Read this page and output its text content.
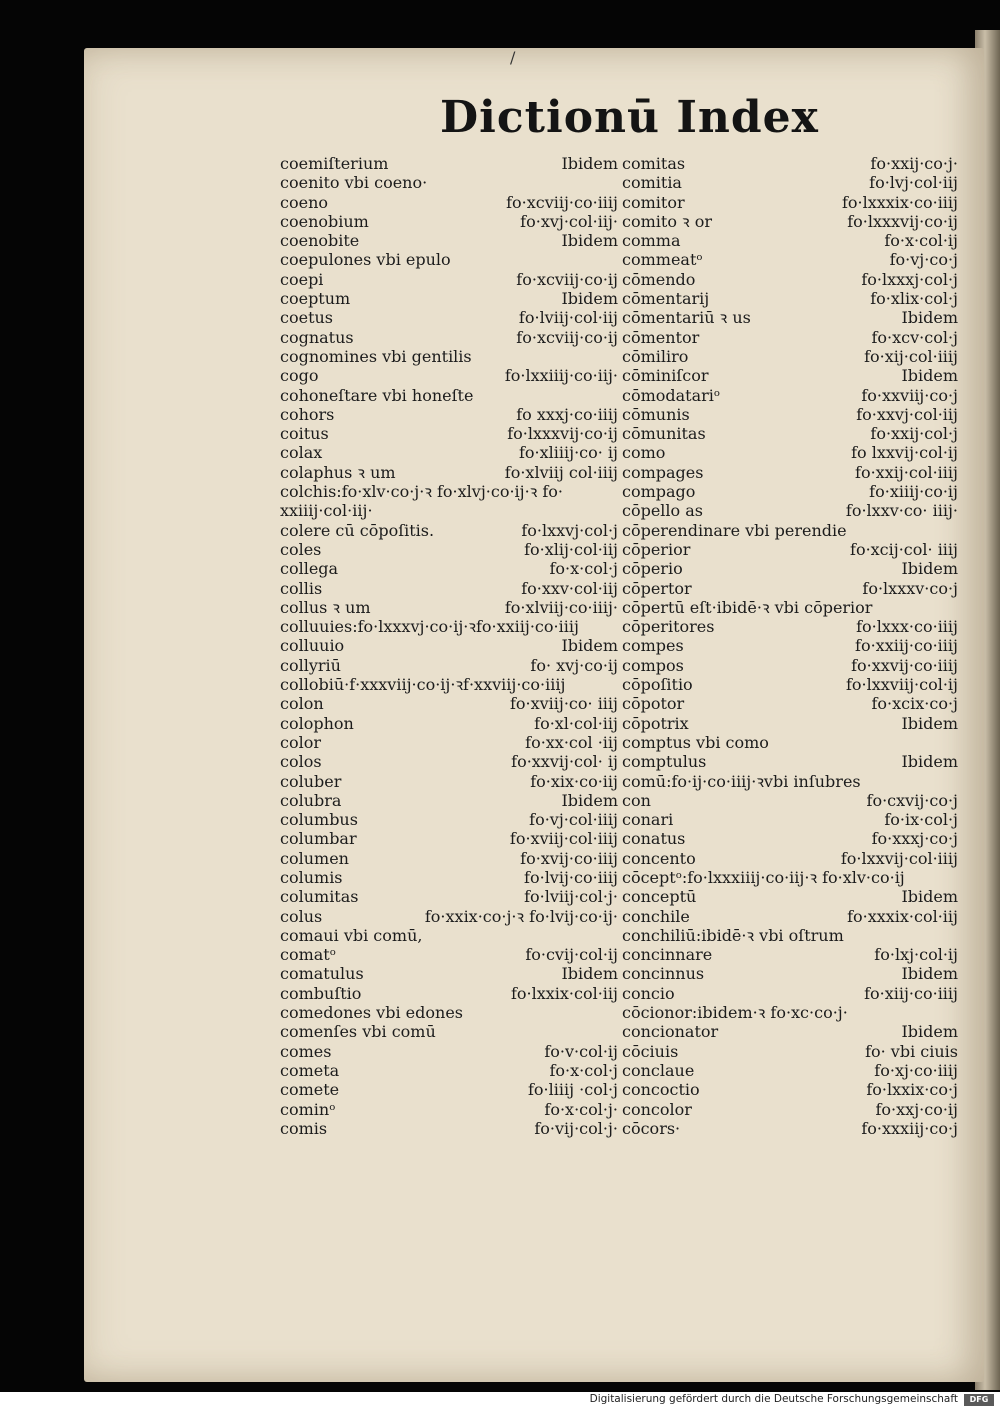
/
Dictionū Index
coemiſterium	Ibidem
coenito vbi coeno·
coeno	fo·xcviij·co·iiij
coenobium	fo·xvj·col·iij·
coenobite	Ibidem
coepulones vbi epulo
coepi	fo·xcviij·co·ij
coeptum	Ibidem
coetus	fo·lviij·col·iij
cognatus	fo·xcviij·co·ij
cognomines vbi gentilis
cogo	fo·lxxiiij·co·iij·
cohoneſtare vbi honeſte
cohors	fo xxxj·co·iiij
coitus	fo·lxxxvij·co·ij
colax	fo·xliiij·co· ij
colaphus ꝛ um	fo·xlviij col·iiij
colchis:fo·xlv·co·j·ꝛ fo·xlvj·co·ij·ꝛ fo·
xxiiij·col·iij·
colere cū cōpoſitis.	fo·lxxvj·col·j
coles	fo·xlij·col·iij
collega	fo·x·col·j
collis	fo·xxv·col·iij
collus ꝛ um	fo·xlviij·co·iiij·
colluuies:fo·lxxxvj·co·ij·ꝛfo·xxiij·co·iiij
colluuio	Ibidem
collyriū	fo· xvj·co·ij
collobiū·f·xxxviij·co·ij·ꝛf·xxviij·co·iiij
colon	fo·xviij·co· iiij
colophon	fo·xl·col·iij
color	fo·xx·col ·iij
colos	fo·xxvij·col· ij
coluber	fo·xix·co·iij
colubra	Ibidem
columbus	fo·vj·col·iiij
columbar	fo·xviij·col·iiij
columen	fo·xvij·co·iiij
columis	fo·lvij·co·iiij
columitas	fo·lviij·col·j·
colus	fo·xxix·co·j·ꝛ fo·lvij·co·ij·
comaui vbi comū,
comatᵒ	fo·cvij·col·ij
comatulus	Ibidem
combuſtio	fo·lxxix·col·iij
comedones vbi edones
comenſes vbi comū
comes	fo·v·col·ij
cometa	fo·x·col·j
comete	fo·liiij ·col·j
cominᵒ	fo·x·col·j·
comis	fo·vij·col·j·
comitas	fo·xxij·co·j·
comitia	fo·lvj·col·iij
comitor	fo·lxxxix·co·iiij
comito ꝛ or	fo·lxxxvij·co·ij
comma	fo·x·col·ij
commeatᵒ	fo·vj·co·j
cōmendo	fo·lxxxj·col·j
cōmentarij	fo·xlix·col·j
cōmentariū ꝛ us	Ibidem
cōmentor	fo·xcv·col·j
cōmiliro	fo·xij·col·iiij
cōminiſcor	Ibidem
cōmodatariᵒ	fo·xxviij·co·j
cōmunis	fo·xxvj·col·iij
cōmunitas	fo·xxij·col·j
como	fo lxxvij·col·ij
compages	fo·xxij·col·iiij
compago	fo·xiiij·co·ij
cōpello as	fo·lxxv·co· iiij·
cōperendinare vbi perendie
cōperior	fo·xcij·col· iiij
cōperio	Ibidem
cōpertor	fo·lxxxv·co·j
cōpertū eſt·ibidē·ꝛ vbi cōperior
cōperitores	fo·lxxx·co·iiij
compes	fo·xxiij·co·iiij
compos	fo·xxvij·co·iiij
cōpoſitio	fo·lxxviij·col·ij
cōpotor	fo·xcix·co·j
cōpotrix	Ibidem
comptus vbi como
comptulus	Ibidem
comū:fo·ij·co·iiij·ꝛvbi inſubres
con	fo·cxvij·co·j
conari	fo·ix·col·j
conatus	fo·xxxj·co·j
concento	fo·lxxvij·col·iiij
cōceptᵒ:fo·lxxxiiij·co·iij·ꝛ fo·xlv·co·ij
conceptū	Ibidem
conchile	fo·xxxix·col·iij
conchiliū:ibidē·ꝛ vbi oſtrum
concinnare	fo·lxj·col·ij
concinnus	Ibidem
concio	fo·xiij·co·iiij
cōcionor:ibidem·ꝛ fo·xc·co·j·
concionator	Ibidem
cōciuis	fo· vbi ciuis
conclaue	fo·xj·co·iiij
concoctio	fo·lxxix·co·j
concolor	fo·xxj·co·ij
cōcors·	fo·xxxiij·co·j
Digitalisierung gefördert durch die Deutsche Forschungsgemeinschaft	DFG
